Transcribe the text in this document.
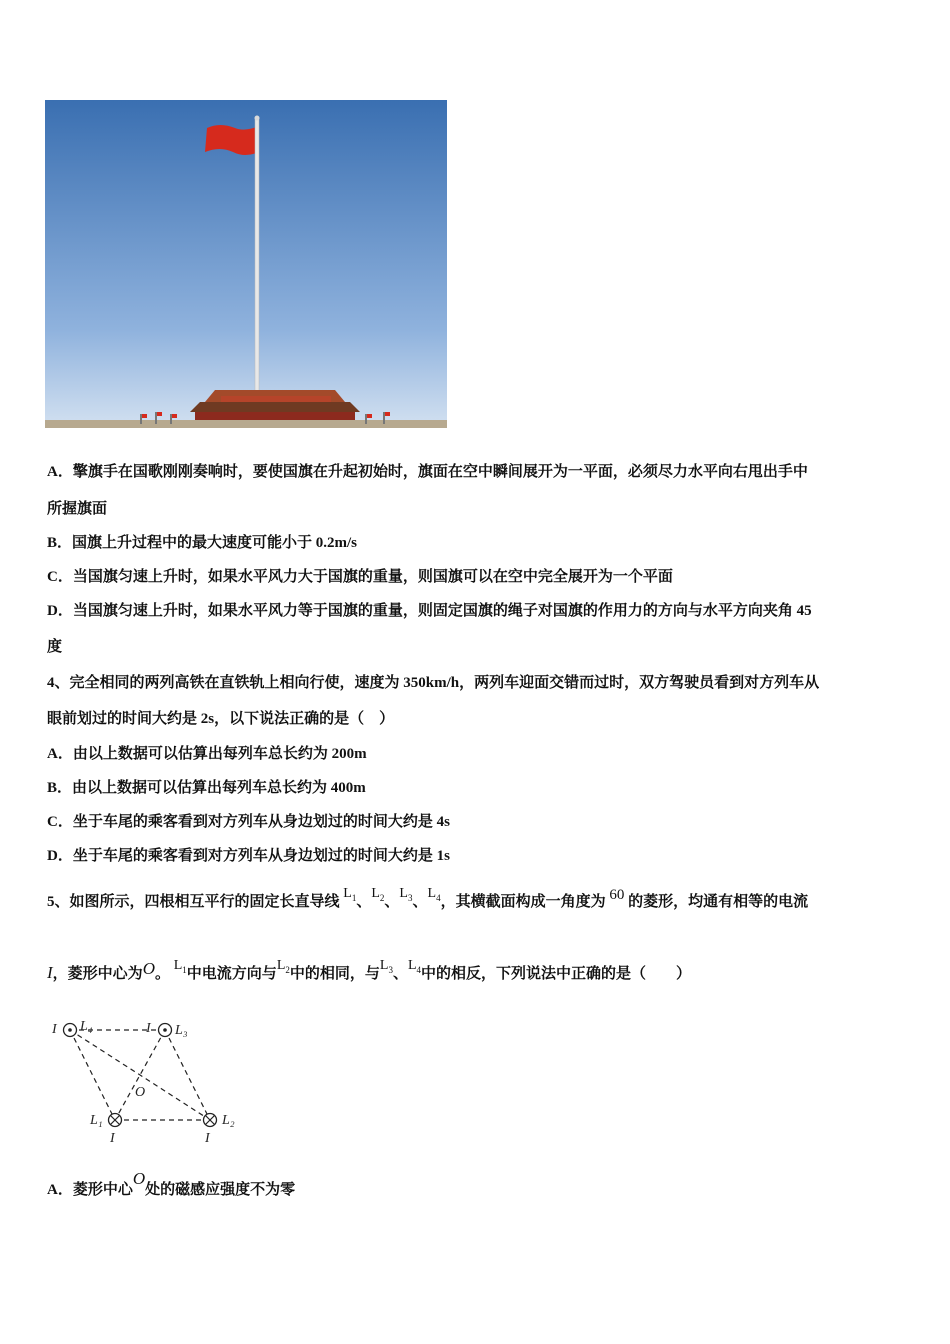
A．擎旗手在国歌刚刚奏响时，要使国旗在升起初始时，旗面在空中瞬间展开为一平面，必须尽力水平向右甩出手中
所握旗面
B．国旗上升过程中的最大速度可能小于 0.2m/s
C．当国旗匀速上升时，如果水平风力大于国旗的重量，则国旗可以在空中完全展开为一个平面
D．当国旗匀速上升时，如果水平风力等于国旗的重量，则固定国旗的绳子对国旗的作用力的方向与水平方向夹角 45
度
4、完全相同的两列高铁在直铁轨上相向行使，速度为 350km/h，两列车迎面交错而过时，双方驾驶员看到对方列车从
眼前划过的时间大约是 2s，以下说法正确的是（　）
A．由以上数据可以估算出每列车总长约为 200m
B．由以上数据可以估算出每列车总长约为 400m
C．坐于车尾的乘客看到对方列车从身边划过的时间大约是 4s
D．坐于车尾的乘客看到对方列车从身边划过的时间大约是 1s
5、如图所示，四根相互平行的固定长直导线 $L_1$、$L_2$、$L_3$、$L_4$，其横截面构成一角度为 60 的菱形，均通有相等的电流
I，菱形中心为O。 $L_1$中电流方向与$L_2$中的相同，与$L_3$、$L_4$中的相反，下列说法中正确的是（　　）
I L₄	I L₃
O
L₁
I
L₂
I
A．菱形中心O处的磁感应强度不为零
